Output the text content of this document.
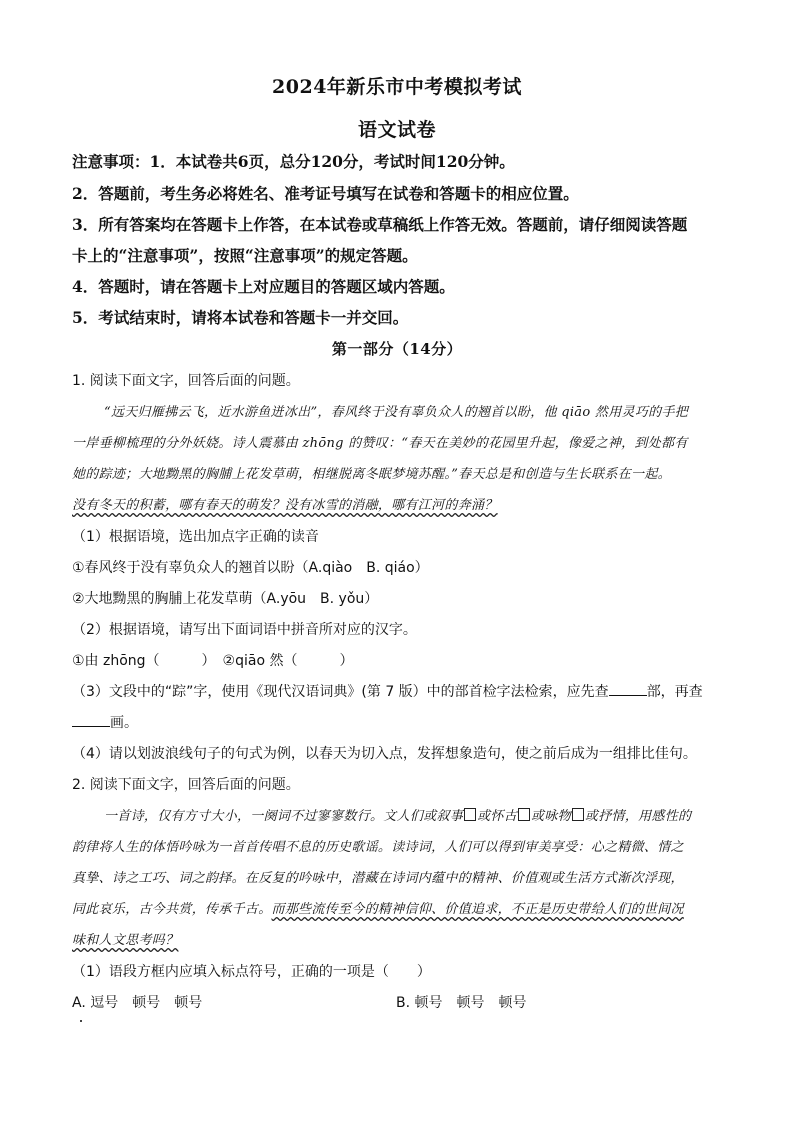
2024年新乐市中考模拟考试
语文试卷
注意事项：1．本试卷共6页，总分120分，考试时间120分钟。
2．答题前，考生务必将姓名、准考证号填写在试卷和答题卡的相应位置。
3．所有答案均在答题卡上作答，在本试卷或草稿纸上作答无效。答题前，请仔细阅读答题
卡上的“注意事项”，按照“注意事项”的规定答题。
4．答题时，请在答题卡上对应题目的答题区域内答题。
5．考试结束时，请将本试卷和答题卡一并交回。
第一部分（14分）
1. 阅读下面文字，回答后面的问题。
“远天归雁拂云飞，近水游鱼迸冰出”，春风终于没有辜负众人的翘首以盼，他 qiāo 然用灵巧的手把
一岸垂柳梳理的分外妖娆。诗人震慕由 zhōng 的赞叹：“春天在美妙的花园里升起，像爱之神，到处都有
她的踪迹；大地黝黑的胸脯上花发草萌，相继脱离冬眠梦境苏醒。”春天总是和创造与生长联系在一起。
没有冬天的积蓄，哪有春天的萌发？没有冰雪的消融，哪有江河的奔涌？
（1）根据语境，选出加点字正确的读音
①春风终于没有辜负众人的翘首以盼（A.qiào　B. qiáo）
②大地黝黑的胸脯上花发草萌（A.yōu　B. yǒu）
（2）根据语境，请写出下面词语中拼音所对应的汉字。
①由 zhōng（　　　）　②qiāo 然（　　　）
（3）文段中的“踪”字，使用《现代汉语词典》(第 7 版）中的部首检字法检索，应先查	部，再查
画。
（4）请以划波浪线句子的句式为例，以春天为切入点，发挥想象造句，使之前后成为一组排比佳句。
2. 阅读下面文字，回答后面的问题。
一首诗，仅有方寸大小，一阕词不过寥寥数行。文人们或叙事 或怀古 或咏物 或抒情，用感性的
韵律将人生的体悟吟咏为一首首传唱不息的历史歌谣。读诗词，人们可以得到审美享受：心之精微、情之
真挚、诗之工巧、词之韵择。在反复的吟咏中，潜藏在诗词内蕴中的精神、价值观或生活方式渐次浮现，
同此哀乐，古今共赏，传承千古。而那些流传至今的精神信仰、价值追求，不正是历史带给人们的世间况
味和人文思考吗？
（1）语段方框内应填入标点符号，正确的一项是（　　）
A. 逗号　顿号　顿号	B. 顿号　顿号　顿号
